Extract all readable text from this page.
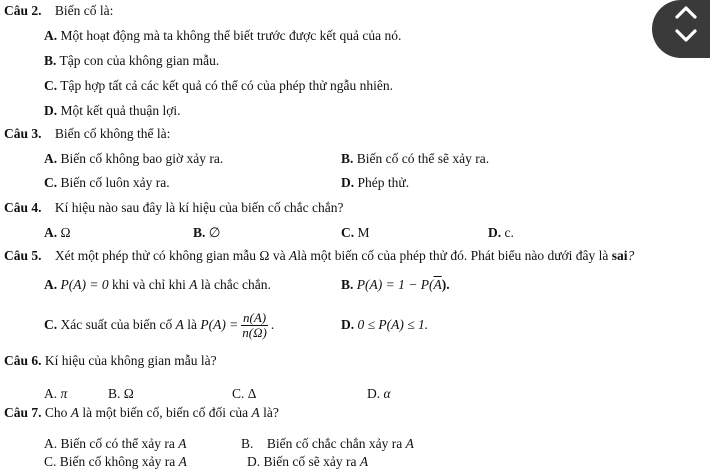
Câu 2. Biến cố là:
A. Một hoạt động mà ta không thể biết trước được kết quả của nó.
B. Tập con của không gian mẫu.
C. Tập hợp tất cả các kết quả có thể có của phép thử ngẫu nhiên.
D. Một kết quả thuận lợi.
Câu 3. Biến cố không thể là:
A. Biến cố không bao giờ xảy ra.	B. Biến cố có thể sẽ xảy ra.
C. Biến cố luôn xảy ra.	D. Phép thử.
Câu 4. Kí hiệu nào sau đây là kí hiệu của biến cố chắc chắn?
A. Ω	B. ∅	C. M	D. c.
Câu 5. Xét một phép thử có không gian mẫu Ω và Alà một biến cố của phép thử đó. Phát biểu nào dưới đây là sai?
A. P(A) = 0 khi và chỉ khi A là chắc chắn.	B. $P(A) = 1 - P(\overline{A})$.
C.
Xác suất của biến cố
A
là
$P(A) = \frac{n(A)}{n(\Omega)}$ .	D. 0 ≤ P(A) ≤ 1.
Câu 6. Kí hiệu của không gian mẫu là?
A. π	B. Ω	C. Δ	D. α
Câu 7. Cho A là một biến cố, biến cố đối của A là?
A. Biến cố có thể xảy ra A	B. Biến cố chắc chắn xảy ra A
C. Biến cố không xảy ra A	D. Biến cố sẽ xảy ra A
